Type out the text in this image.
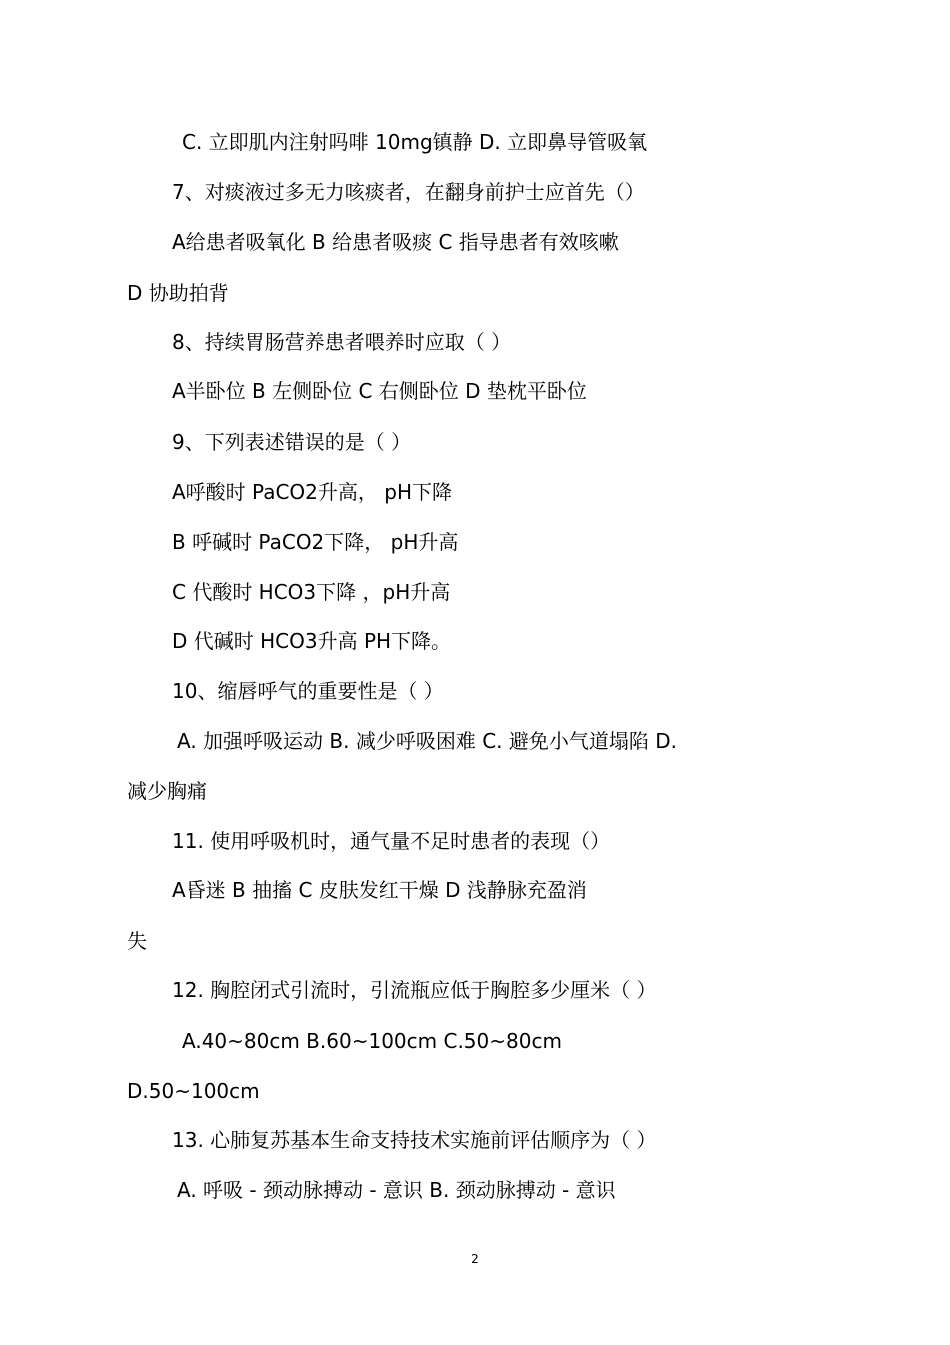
C. 立即肌内注射吗啡 10mg镇静 D. 立即鼻导管吸氧
7、对痰液过多无力咳痰者，在翻身前护士应首先（）
A给患者吸氧化 B 给患者吸痰 C 指导患者有效咳嗽
D 协助拍背
8、持续胃肠营养患者喂养时应取（ ）
A半卧位 B 左侧卧位 C 右侧卧位 D 垫枕平卧位
9、下列表述错误的是（ ）
A呼酸时 PaCO2升高， pH下降
B 呼碱时 PaCO2下降， pH升高
C 代酸时 HCO3下降 ，pH升高
D 代碱时 HCO3升高 PH下降。
10、缩唇呼气的重要性是（ ）
A. 加强呼吸运动 B. 减少呼吸困难 C. 避免小气道塌陷 D.
减少胸痛
11. 使用呼吸机时，通气量不足时患者的表现（）
A昏迷 B 抽搐 C 皮肤发红干燥 D 浅静脉充盈消
失
12. 胸腔闭式引流时，引流瓶应低于胸腔多少厘米（ ）
A.40~80cm B.60~100cm C.50~80cm
D.50~100cm
13. 心肺复苏基本生命支持技术实施前评估顺序为（ ）
A. 呼吸 - 颈动脉搏动 - 意识 B. 颈动脉搏动 - 意识
2
